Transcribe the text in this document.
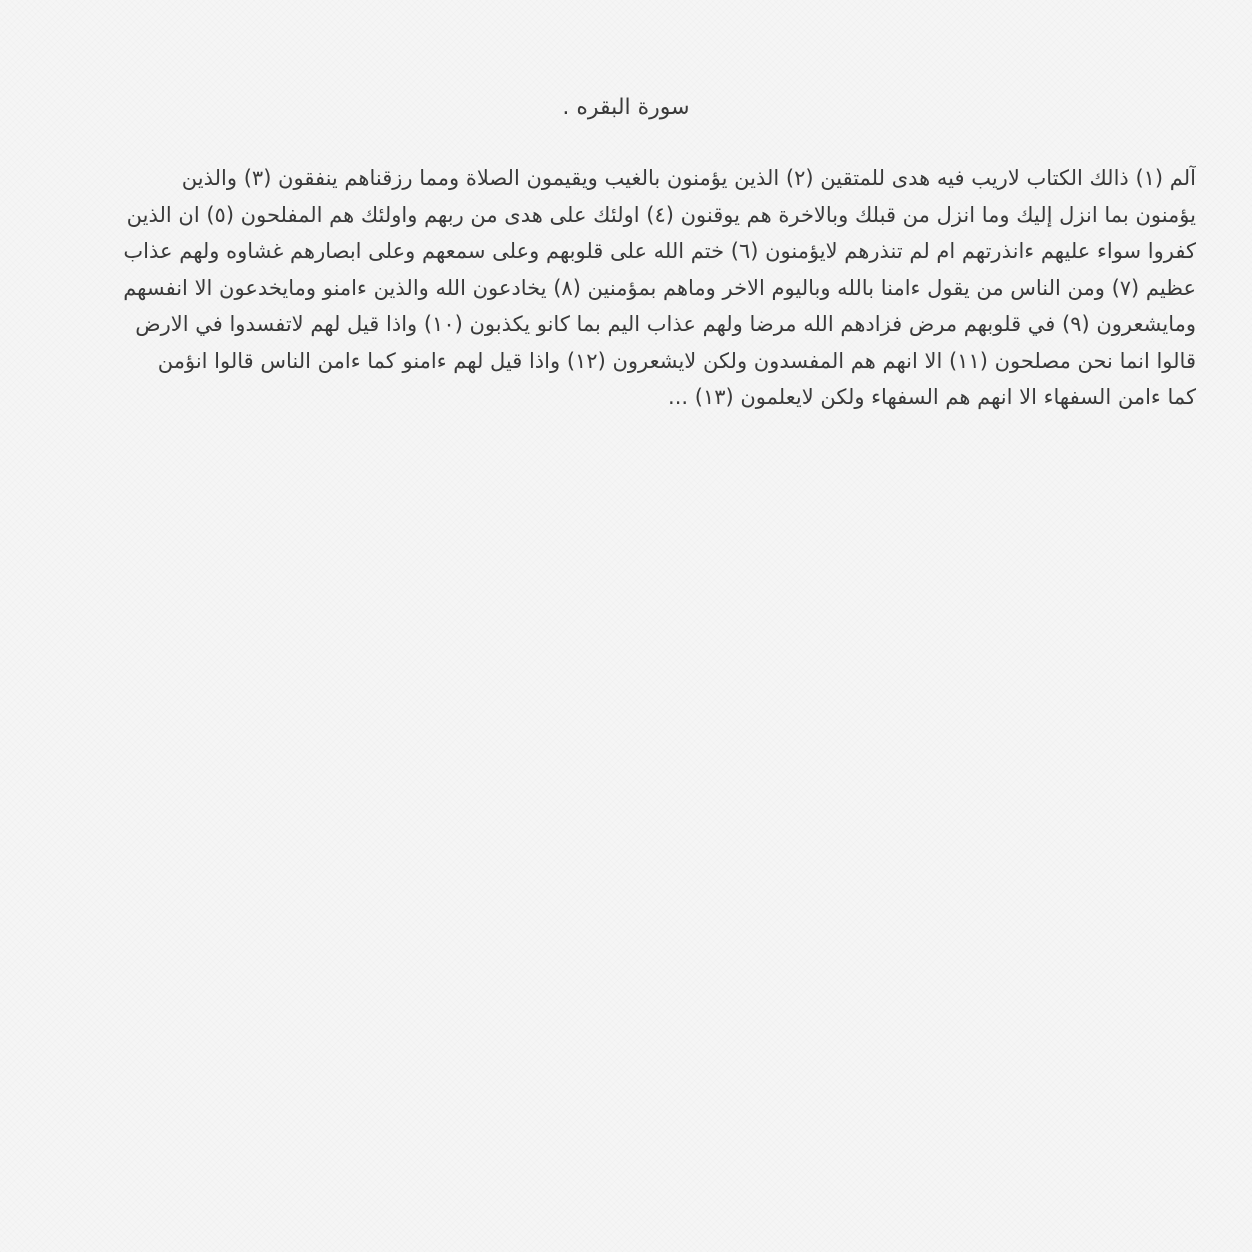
سورة البقره .
آلم (١) ذالك الكتاب لاريب فيه هدى للمتقين (٢) الذين يؤمنون بالغيب ويقيمون الصلاة ومما رزقناهم ينفقون (٣) والذين
يؤمنون بما انزل إليك وما انزل من قبلك وبالاخرة هم يوقنون (٤) اولئك على هدى من ربهم واولئك هم المفلحون (٥) ان الذين
كفروا سواء عليهم ءانذرتهم ام لم تنذرهم لايؤمنون (٦) ختم الله على قلوبهم وعلى سمعهم وعلى ابصارهم غشاوه ولهم عذاب
عظيم (٧) ومن الناس من يقول ءامنا بالله وباليوم الاخر وماهم بمؤمنين (٨) يخادعون الله والذين ءامنو ومايخدعون الا انفسهم
ومايشعرون (٩) في قلوبهم مرض فزادهم الله مرضا ولهم عذاب اليم بما كانو يكذبون (١٠) واذا قيل لهم لاتفسدوا في الارض
قالوا انما نحن مصلحون (١١) الا انهم هم المفسدون ولكن لايشعرون (١٢) واذا قيل لهم ءامنو كما ءامن الناس قالوا انؤمن
كما ءامن السفهاء الا انهم هم السفهاء ولكن لايعلمون (١٣) ...
